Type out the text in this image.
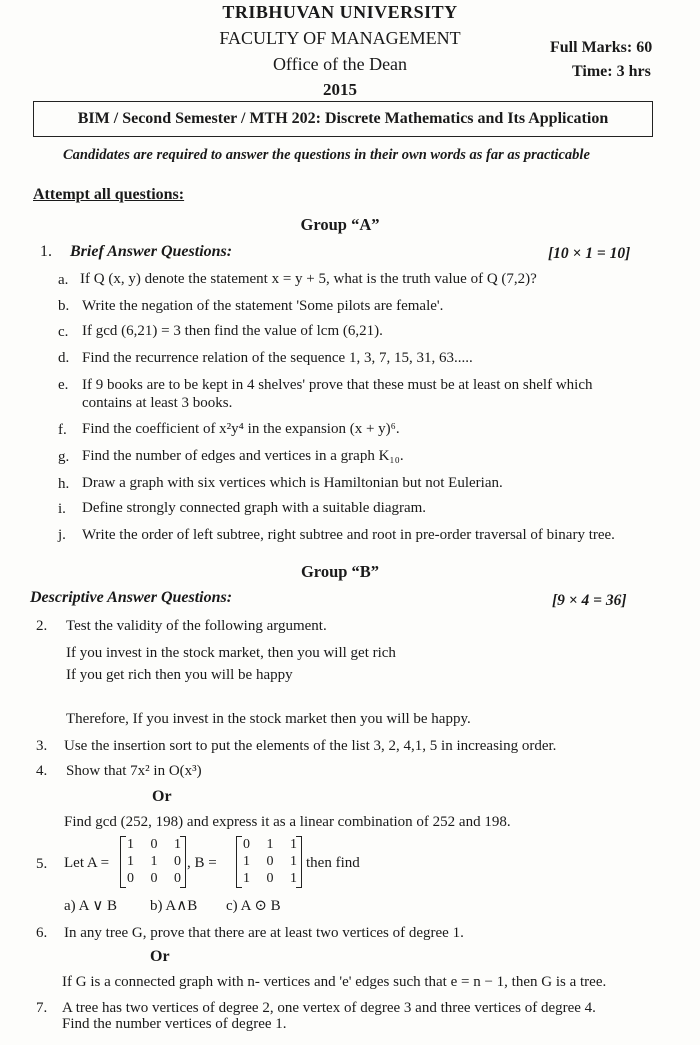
TRIBHUVAN UNIVERSITY
FACULTY OF MANAGEMENT
Office of the Dean
2015
Full Marks: 60
Time: 3 hrs
BIM / Second Semester / MTH 202: Discrete Mathematics and Its Application
Candidates are required to answer the questions in their own words as far as practicable
Attempt all questions:
Group “A”
1. Brief Answer Questions:	[10 × 1 = 10]
a. If Q (x, y) denote the statement x = y + 5, what is the truth value of Q (7,2)?
b. Write the negation of the statement 'Some pilots are female'.
c. If gcd (6,21) = 3 then find the value of lcm (6,21).
d. Find the recurrence relation of the sequence 1, 3, 7, 15, 31, 63.....
e. If 9 books are to be kept in 4 shelves' prove that these must be at least on shelf which
contains at least 3 books.
f. Find the coefficient of x²y⁴ in the expansion (x + y)⁶.
g. Find the number of edges and vertices in a graph K₁₀.
h. Draw a graph with six vertices which is Hamiltonian but not Eulerian.
i. Define strongly connected graph with a suitable diagram.
j. Write the order of left subtree, right subtree and root in pre-order traversal of binary tree.
Group “B”
Descriptive Answer Questions:	[9 × 4 = 36]
2. Test the validity of the following argument.
If you invest in the stock market, then you will get rich
If you get rich then you will be happy
Therefore, If you invest in the stock market then you will be happy.
3. Use the insertion sort to put the elements of the list 3, 2, 4,1, 5 in increasing order.
4. Show that 7x² in O(x³)
Or
Find gcd (252, 198) and express it as a linear combination of 252 and 198.
5. Let A =
1 0 1
1 1 0
0 0 0
, B =
0 1 1
1 0 1
1 0 1
then find
a) A ∨ B b) A∧B c) A ⊙ B
6. In any tree G, prove that there are at least two vertices of degree 1.
Or
If G is a connected graph with n- vertices and 'e' edges such that e = n − 1, then G is a tree.
7. A tree has two vertices of degree 2, one vertex of degree 3 and three vertices of degree 4.
Find the number vertices of degree 1.
